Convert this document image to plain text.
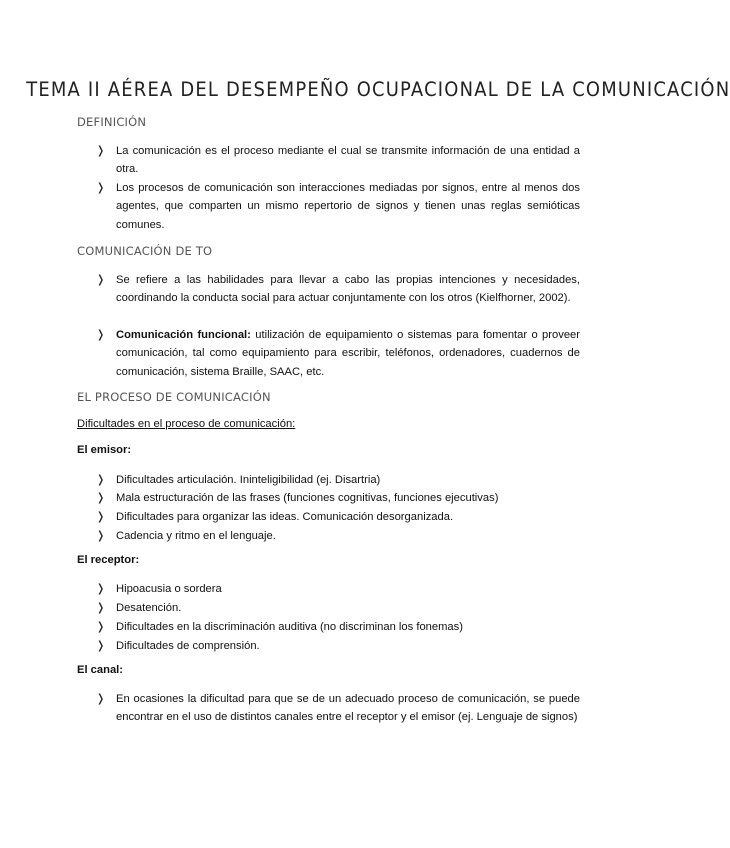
TEMA II AÉREA DEL DESEMPEÑO OCUPACIONAL DE LA COMUNICACIÓN
DEFINICIÓN
❭ La comunicación es el proceso mediante el cual se transmite información de una entidad a otra.
❭ Los procesos de comunicación son interacciones mediadas por signos, entre al menos dos agentes, que comparten un mismo repertorio de signos y tienen unas reglas semióticas comunes.
COMUNICACIÓN DE TO
❭ Se refiere a las habilidades para llevar a cabo las propias intenciones y necesidades, coordinando la conducta social para actuar conjuntamente con los otros (Kielfhorner, 2002).
❭ Comunicación funcional: utilización de equipamiento o sistemas para fomentar o proveer comunicación, tal como equipamiento para escribir, teléfonos, ordenadores, cuadernos de comunicación, sistema Braille, SAAC, etc.
EL PROCESO DE COMUNICACIÓN
Dificultades en el proceso de comunicación:
El emisor:
❭ Dificultades articulación. Ininteligibilidad (ej. Disartria)
❭ Mala estructuración de las frases (funciones cognitivas, funciones ejecutivas)
❭ Dificultades para organizar las ideas. Comunicación desorganizada.
❭ Cadencia y ritmo en el lenguaje.
El receptor:
❭ Hipoacusia o sordera
❭ Desatención.
❭ Dificultades en la discriminación auditiva (no discriminan los fonemas)
❭ Dificultades de comprensión.
El canal:
❭ En ocasiones la dificultad para que se de un adecuado proceso de comunicación, se puede encontrar en el uso de distintos canales entre el receptor y el emisor (ej. Lenguaje de signos)
